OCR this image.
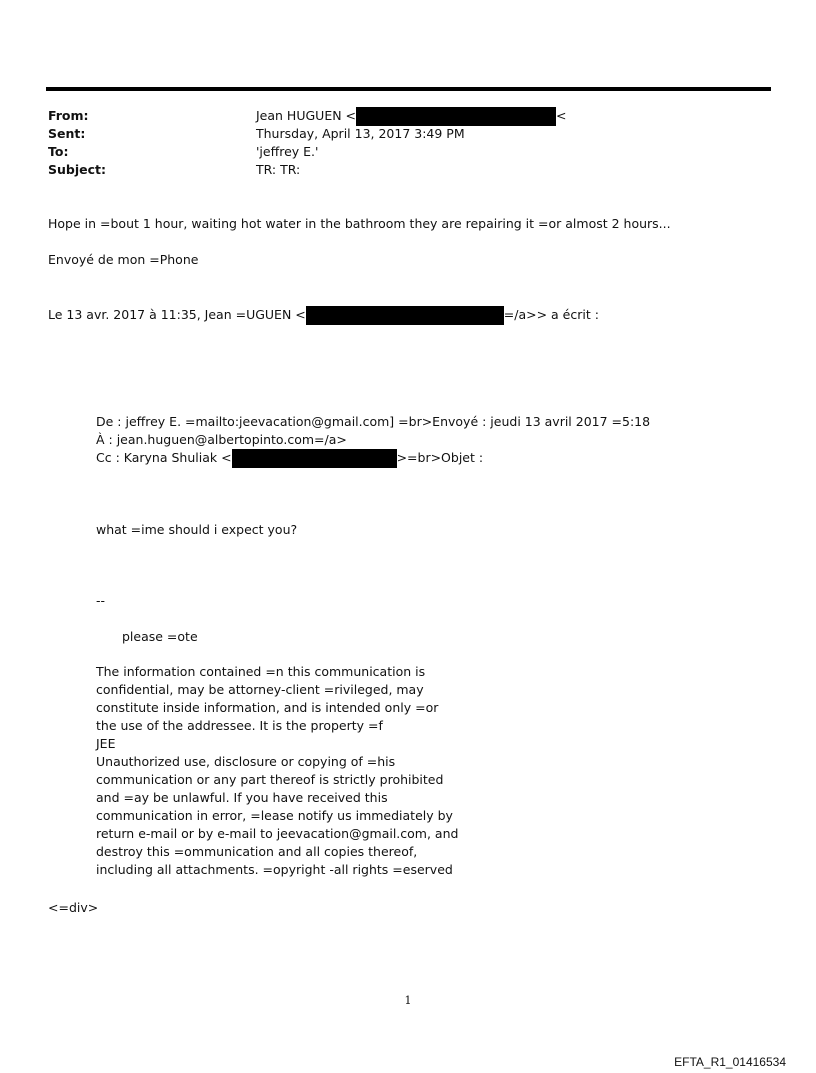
From:	Jean HUGUEN <	<
Sent:	Thursday, April 13, 2017 3:49 PM
To:	'jeffrey E.'
Subject:	TR: TR:
Hope in =bout 1 hour, waiting hot water in the bathroom they are repairing it =or almost 2 hours...
Envoyé de mon =Phone
Le 13 avr. 2017 à 11:35, Jean =UGUEN <	=/a>> a écrit :
De : jeffrey E. =mailto:jeevacation@gmail.com] =br>Envoyé : jeudi 13 avril 2017 =5:18
À : jean.huguen@albertopinto.com=/a>
Cc : Karyna Shuliak <	>=br>Objet :
what =ime should i expect you?
--
please =ote
The information contained =n this communication is
confidential, may be attorney-client =rivileged, may
constitute inside information, and is intended only =or
the use of the addressee. It is the property =f
JEE
Unauthorized use, disclosure or copying of =his
communication or any part thereof is strictly prohibited
and =ay be unlawful. If you have received this
communication in error, =lease notify us immediately by
return e-mail or by e-mail to jeevacation@gmail.com, and
destroy this =ommunication and all copies thereof,
including all attachments. =opyright -all rights =eserved
<=div>
1
EFTA_R1_01416534
